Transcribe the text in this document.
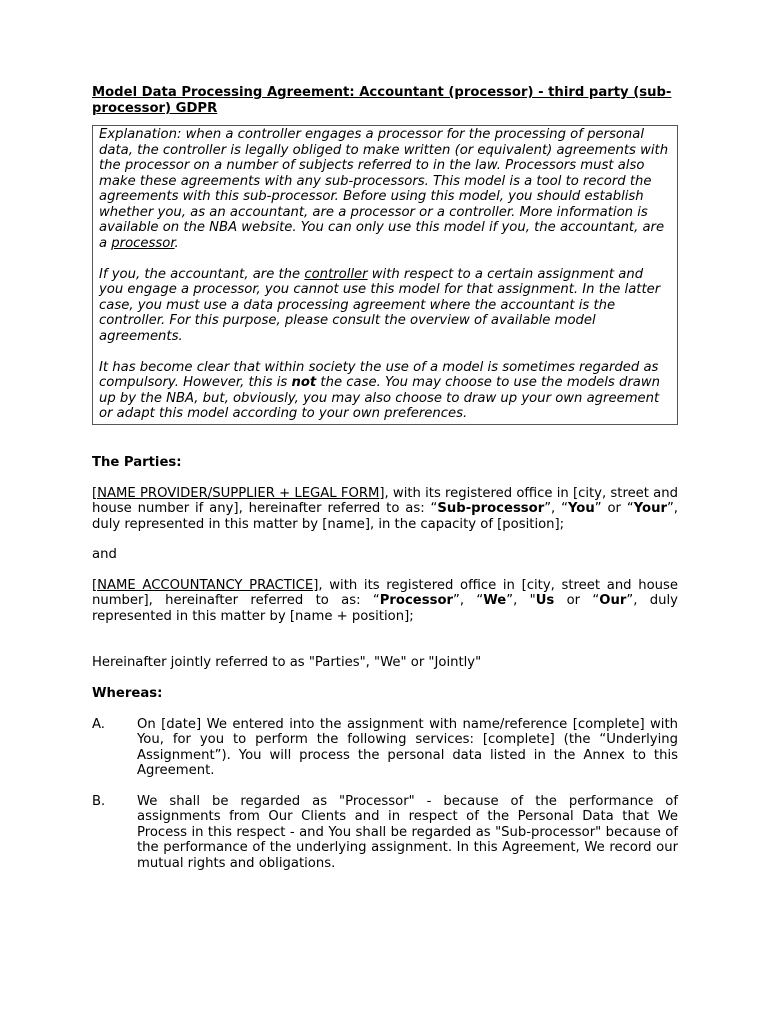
Model Data Processing Agreement: Accountant (processor) - third party (sub-processor) GDPR

Explanation: when a controller engages a processor for the processing of personal data, the controller is legally obliged to make written (or equivalent) agreements with the processor on a number of subjects referred to in the law. Processors must also make these agreements with any sub-processors. This model is a tool to record the agreements with this sub-processor. Before using this model, you should establish whether you, as an accountant, are a processor or a controller. More information is available on the NBA website. You can only use this model if you, the accountant, are a processor.

If you, the accountant, are the controller with respect to a certain assignment and you engage a processor, you cannot use this model for that assignment. In the latter case, you must use a data processing agreement where the accountant is the controller. For this purpose, please consult the overview of available model agreements.

It has become clear that within society the use of a model is sometimes regarded as compulsory. However, this is not the case. You may choose to use the models drawn up by the NBA, but, obviously, you may also choose to draw up your own agreement or adapt this model according to your own preferences.

The Parties:

[NAME PROVIDER/SUPPLIER + LEGAL FORM], with its registered office in [city, street and house number if any], hereinafter referred to as: “Sub-processor”, “You” or “Your”, duly represented in this matter by [name], in the capacity of [position];

and

[NAME ACCOUNTANCY PRACTICE], with its registered office in [city, street and house number], hereinafter referred to as: “Processor”, “We”, "Us or “Our”, duly represented in this matter by [name + position];

Hereinafter jointly referred to as "Parties", "We" or "Jointly"

Whereas:

A.	On [date] We entered into the assignment with name/reference [complete] with You, for you to perform the following services: [complete] (the “Underlying Assignment”). You will process the personal data listed in the Annex to this Agreement.
B.	We shall be regarded as "Processor" - because of the performance of assignments from Our Clients and in respect of the Personal Data that We Process in this respect - and You shall be regarded as "Sub-processor" because of the performance of the underlying assignment. In this Agreement, We record our mutual rights and obligations.
